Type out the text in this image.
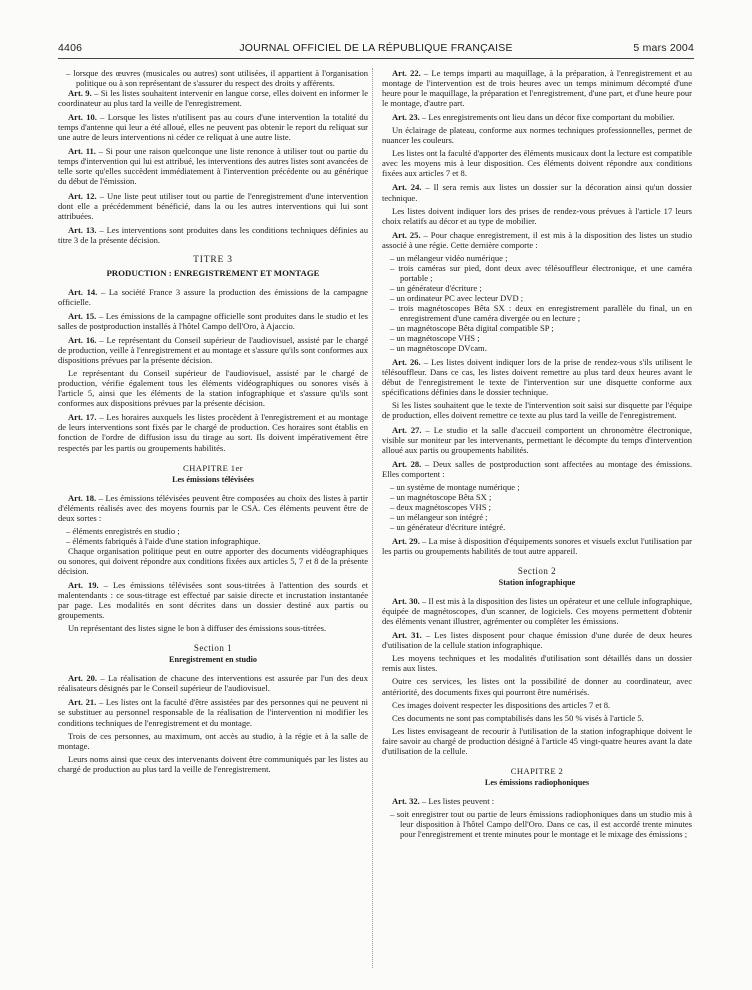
4406	JOURNAL OFFICIEL DE LA RÉPUBLIQUE FRANÇAISE	5 mars 2004

– lorsque des œuvres (musicales ou autres) sont utilisées, il appartient à l'organisation politique ou à son représentant de s'assurer du respect des droits y afférents.

Art. 9. – Si les listes souhaitent intervenir en langue corse, elles doivent en informer le coordinateur au plus tard la veille de l'enregistrement.

Art. 10. – Lorsque les listes n'utilisent pas au cours d'une intervention la totalité du temps d'antenne qui leur a été alloué, elles ne peuvent pas obtenir le report du reliquat sur une autre de leurs interventions ni céder ce reliquat à une autre liste.

Art. 11. – Si pour une raison quelconque une liste renonce à utiliser tout ou partie du temps d'intervention qui lui est attribué, les interventions des autres listes sont avancées de telle sorte qu'elles succèdent immédiatement à l'intervention précédente ou au générique du début de l'émission.

Art. 12. – Une liste peut utiliser tout ou partie de l'enregistrement d'une intervention dont elle a précédemment bénéficié, dans la ou les autres interventions qui lui sont attribuées.

Art. 13. – Les interventions sont produites dans les conditions techniques définies au titre 3 de la présente décision.

TITRE 3
PRODUCTION : ENREGISTREMENT ET MONTAGE

Art. 14. – La société France 3 assure la production des émissions de la campagne officielle.

Art. 15. – Les émissions de la campagne officielle sont produites dans le studio et les salles de postproduction installés à l'hôtel Campo dell'Oro, à Ajaccio.

Art. 16. – Le représentant du Conseil supérieur de l'audiovisuel, assisté par le chargé de production, veille à l'enregistrement et au montage et s'assure qu'ils sont conformes aux dispositions prévues par la présente décision.

Le représentant du Conseil supérieur de l'audiovisuel, assisté par le chargé de production, vérifie également tous les éléments vidéographiques ou sonores visés à l'article 5, ainsi que les éléments de la station infographique et s'assure qu'ils sont conformes aux dispositions prévues par la présente décision.

Art. 17. – Les horaires auxquels les listes procèdent à l'enregistrement et au montage de leurs interventions sont fixés par le chargé de production. Ces horaires sont établis en fonction de l'ordre de diffusion issu du tirage au sort. Ils doivent impérativement être respectés par les partis ou groupements habilités.

CHAPITRE 1er
Les émissions télévisées

Art. 18. – Les émissions télévisées peuvent être composées au choix des listes à partir d'éléments réalisés avec des moyens fournis par le CSA. Ces éléments peuvent être de deux sortes :

– éléments enregistrés en studio ;

– éléments fabriqués à l'aide d'une station infographique.

Chaque organisation politique peut en outre apporter des documents vidéographiques ou sonores, qui doivent répondre aux conditions fixées aux articles 5, 7 et 8 de la présente décision.

Art. 19. – Les émissions télévisées sont sous-titrées à l'attention des sourds et malentendants : ce sous-titrage est effectué par saisie directe et incrustation instantanée par page. Les modalités en sont décrites dans un dossier destiné aux partis ou groupements.

Un représentant des listes signe le bon à diffuser des émissions sous-titrées.

Section 1
Enregistrement en studio

Art. 20. – La réalisation de chacune des interventions est assurée par l'un des deux réalisateurs désignés par le Conseil supérieur de l'audiovisuel.

Art. 21. – Les listes ont la faculté d'être assistées par des personnes qui ne peuvent ni se substituer au personnel responsable de la réalisation de l'intervention ni modifier les conditions techniques de l'enregistrement et du montage.

Trois de ces personnes, au maximum, ont accès au studio, à la régie et à la salle de montage.

Leurs noms ainsi que ceux des intervenants doivent être communiqués par les listes au chargé de production au plus tard la veille de l'enregistrement.

Art. 22. – Le temps imparti au maquillage, à la préparation, à l'enregistrement et au montage de l'intervention est de trois heures avec un temps minimum décompté d'une heure pour le maquillage, la préparation et l'enregistrement, d'une part, et d'une heure pour le montage, d'autre part.

Art. 23. – Les enregistrements ont lieu dans un décor fixe comportant du mobilier.

Un éclairage de plateau, conforme aux normes techniques professionnelles, permet de nuancer les couleurs.

Les listes ont la faculté d'apporter des éléments musicaux dont la lecture est compatible avec les moyens mis à leur disposition. Ces éléments doivent répondre aux conditions fixées aux articles 7 et 8.

Art. 24. – Il sera remis aux listes un dossier sur la décoration ainsi qu'un dossier technique.

Les listes doivent indiquer lors des prises de rendez-vous prévues à l'article 17 leurs choix relatifs au décor et au type de mobilier.

Art. 25. – Pour chaque enregistrement, il est mis à la disposition des listes un studio associé à une régie. Cette dernière comporte :

– un mélangeur vidéo numérique ;

– trois caméras sur pied, dont deux avec télésouffleur électronique, et une caméra portable ;

– un générateur d'écriture ;

– un ordinateur PC avec lecteur DVD ;

– trois magnétoscopes Bêta SX : deux en enregistrement parallèle du final, un en enregistrement d'une caméra divergée ou en lecture ;

– un magnétoscope Bêta digital compatible SP ;

– un magnétoscope VHS ;

– un magnétoscope DVcam.

Art. 26. – Les listes doivent indiquer lors de la prise de rendez-vous s'ils utilisent le télésouffleur. Dans ce cas, les listes doivent remettre au plus tard deux heures avant le début de l'enregistrement le texte de l'intervention sur une disquette conforme aux spécifications définies dans le dossier technique.

Si les listes souhaitent que le texte de l'intervention soit saisi sur disquette par l'équipe de production, elles doivent remettre ce texte au plus tard la veille de l'enregistrement.

Art. 27. – Le studio et la salle d'accueil comportent un chronomètre électronique, visible sur moniteur par les intervenants, permettant le décompte du temps d'intervention alloué aux partis ou groupements habilités.

Art. 28. – Deux salles de postproduction sont affectées au montage des émissions. Elles comportent :

– un système de montage numérique ;

– un magnétoscope Bêta SX ;

– deux magnétoscopes VHS ;

– un mélangeur son intégré ;

– un générateur d'écriture intégré.

Art. 29. – La mise à disposition d'équipements sonores et visuels exclut l'utilisation par les partis ou groupements habilités de tout autre appareil.

Section 2
Station infographique

Art. 30. – Il est mis à la disposition des listes un opérateur et une cellule infographique, équipée de magnétoscopes, d'un scanner, de logiciels. Ces moyens permettent d'obtenir des éléments venant illustrer, agrémenter ou compléter les émissions.

Art. 31. – Les listes disposent pour chaque émission d'une durée de deux heures d'utilisation de la cellule station infographique.

Les moyens techniques et les modalités d'utilisation sont détaillés dans un dossier remis aux listes.

Outre ces services, les listes ont la possibilité de donner au coordinateur, avec antériorité, des documents fixes qui pourront être numérisés.

Ces images doivent respecter les dispositions des articles 7 et 8.

Ces documents ne sont pas comptabilisés dans les 50 % visés à l'article 5.

Les listes envisageant de recourir à l'utilisation de la station infographique doivent le faire savoir au chargé de production désigné à l'article 45 vingt-quatre heures avant la date d'utilisation de la cellule.

CHAPITRE 2
Les émissions radiophoniques

Art. 32. – Les listes peuvent :

– soit enregistrer tout ou partie de leurs émissions radiophoniques dans un studio mis à leur disposition à l'hôtel Campo dell'Oro. Dans ce cas, il est accordé trente minutes pour l'enregistrement et trente minutes pour le montage et le mixage des émissions ;
